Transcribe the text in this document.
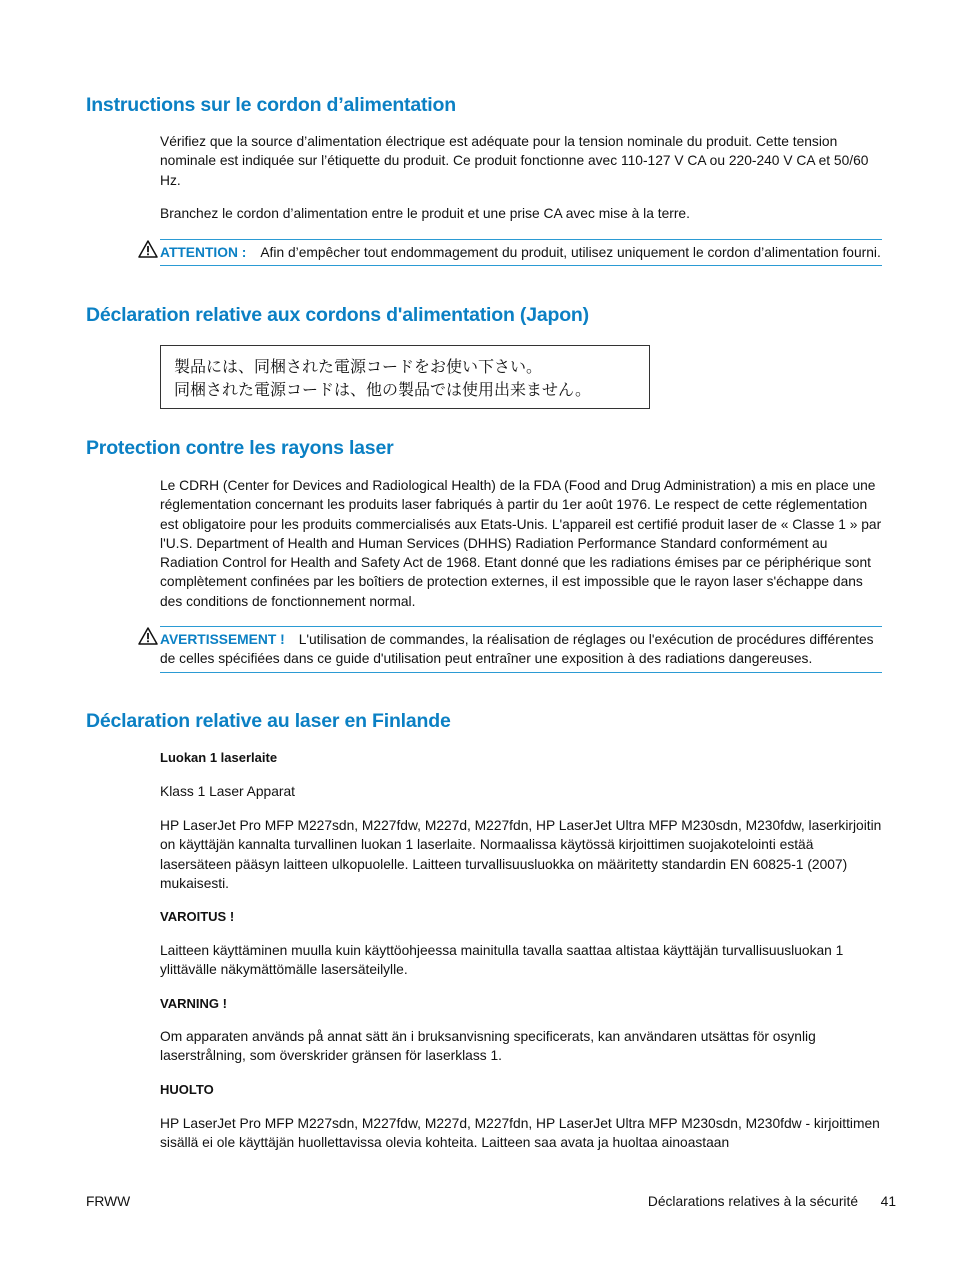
Instructions sur le cordon d’alimentation

Vérifiez que la source d’alimentation électrique est adéquate pour la tension nominale du produit. Cette tension nominale est indiquée sur l’étiquette du produit. Ce produit fonctionne avec 110-127 V CA ou 220-240 V CA et 50/60 Hz.

Branchez le cordon d’alimentation entre le produit et une prise CA avec mise à la terre.

ATTENTION : Afin d’empêcher tout endommagement du produit, utilisez uniquement le cordon d’alimentation fourni.
Déclaration relative aux cordons d'alimentation (Japon)
製品には、同梱された電源コードをお使い下さい。
同梱された電源コードは、他の製品では使用出来ません。
Protection contre les rayons laser

Le CDRH (Center for Devices and Radiological Health) de la FDA (Food and Drug Administration) a mis en place une réglementation concernant les produits laser fabriqués à partir du 1er août 1976. Le respect de cette réglementation est obligatoire pour les produits commercialisés aux Etats-Unis. L'appareil est certifié produit laser de « Classe 1 » par l'U.S. Department of Health and Human Services (DHHS) Radiation Performance Standard conformément au Radiation Control for Health and Safety Act de 1968. Etant donné que les radiations émises par ce périphérique sont complètement confinées par les boîtiers de protection externes, il est impossible que le rayon laser s'échappe dans des conditions de fonctionnement normal.

AVERTISSEMENT ! L'utilisation de commandes, la réalisation de réglages ou l'exécution de procédures différentes de celles spécifiées dans ce guide d'utilisation peut entraîner une exposition à des radiations dangereuses.
Déclaration relative au laser en Finlande

Luokan 1 laserlaite

Klass 1 Laser Apparat

HP LaserJet Pro MFP M227sdn, M227fdw, M227d, M227fdn, HP LaserJet Ultra MFP M230sdn, M230fdw, laserkirjoitin on käyttäjän kannalta turvallinen luokan 1 laserlaite. Normaalissa käytössä kirjoittimen suojakotelointi estää lasersäteen pääsyn laitteen ulkopuolelle. Laitteen turvallisuusluokka on määritetty standardin EN 60825-1 (2007) mukaisesti.

VAROITUS !

Laitteen käyttäminen muulla kuin käyttöohjeessa mainitulla tavalla saattaa altistaa käyttäjän turvallisuusluokan 1 ylittävälle näkymättömälle lasersäteilylle.

VARNING !

Om apparaten används på annat sätt än i bruksanvisning specificerats, kan användaren utsättas för osynlig laserstrålning, som överskrider gränsen för laserklass 1.

HUOLTO

HP LaserJet Pro MFP M227sdn, M227fdw, M227d, M227fdn, HP LaserJet Ultra MFP M230sdn, M230fdw - kirjoittimen sisällä ei ole käyttäjän huollettavissa olevia kohteita. Laitteen saa avata ja huoltaa ainoastaan

FRWW	Déclarations relatives à la sécurité 41
